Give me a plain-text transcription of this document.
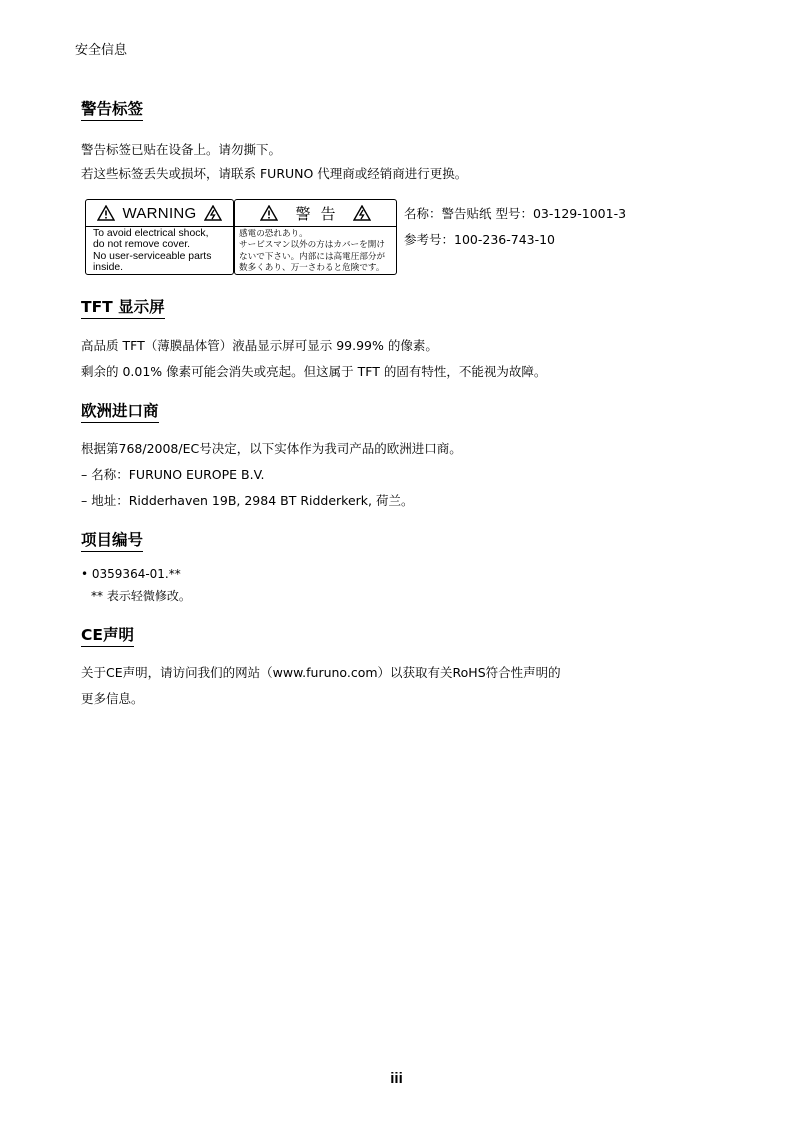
安全信息
警告标签
警告标签已贴在设备上。请勿撕下。
若这些标签丢失或损坏，请联系 FURUNO 代理商或经销商进行更换。
WARNING
To avoid electrical shock,
do not remove cover.
No user-serviceable parts
inside.
警告
感電の恐れあり。
サービスマン以外の方はカバーを開け
ないで下さい。内部には高電圧部分が
数多くあり、万一さわると危険です。
名称：警告贴纸 型号：03-129-1001-3
参考号：100-236-743-10
TFT 显示屏
高品质 TFT（薄膜晶体管）液晶显示屏可显示 99.99% 的像素。
剩余的 0.01% 像素可能会消失或亮起。但这属于 TFT 的固有特性，不能视为故障。
欧洲进口商
根据第768/2008/EC号决定，以下实体作为我司产品的欧洲进口商。
– 名称：FURUNO EUROPE B.V.
– 地址：Ridderhaven 19B, 2984 BT Ridderkerk, 荷兰。
项目编号
• 0359364-01.**
** 表示轻微修改。
CE声明
关于CE声明，请访问我们的网站（www.furuno.com）以获取有关RoHS符合性声明的
更多信息。
iii
